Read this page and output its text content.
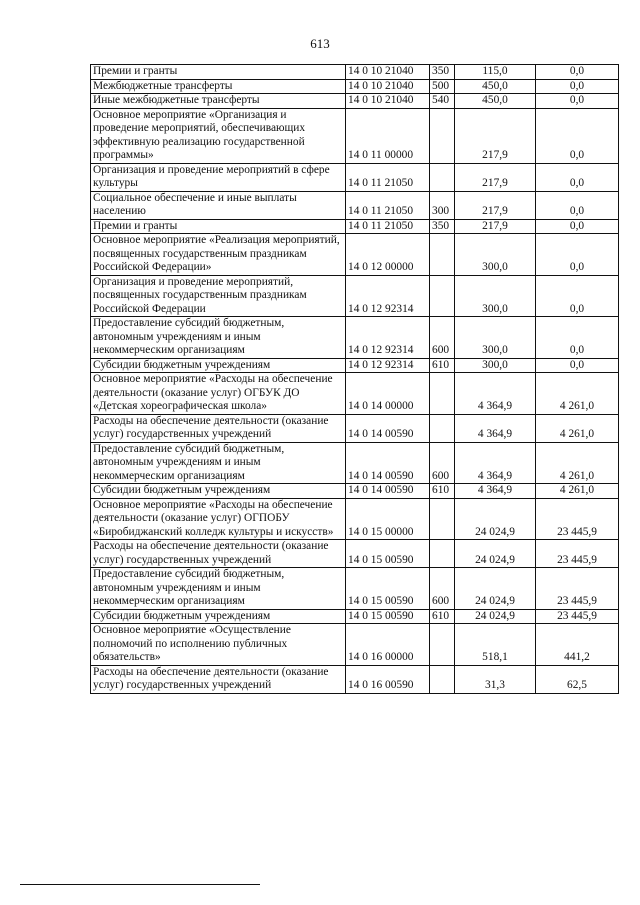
613
Премии и гранты	14 0 10 21040	350	115,0	0,0
Межбюджетные трансферты	14 0 10 21040	500	450,0	0,0
Иные межбюджетные трансферты	14 0 10 21040	540	450,0	0,0
Основное мероприятие «Организация и проведение мероприятий, обеспечивающих эффективную реализацию государственной программы»	14 0 11 00000		217,9	0,0
Организация и проведение мероприятий в сфере культуры	14 0 11 21050		217,9	0,0
Социальное обеспечение и иные выплаты населению	14 0 11 21050	300	217,9	0,0
Премии и гранты	14 0 11 21050	350	217,9	0,0
Основное мероприятие «Реализация мероприятий, посвященных государственным праздникам Российской Федерации»	14 0 12 00000		300,0	0,0
Организация и проведение мероприятий, посвященных государственным праздникам Российской Федерации	14 0 12 92314		300,0	0,0
Предоставление субсидий бюджетным, автономным учреждениям и иным некоммерческим организациям	14 0 12 92314	600	300,0	0,0
Субсидии бюджетным учреждениям	14 0 12 92314	610	300,0	0,0
Основное мероприятие «Расходы на обеспечение деятельности (оказание услуг) ОГБУК ДО «Детская хореографическая школа»	14 0 14 00000		4 364,9	4 261,0
Расходы на обеспечение деятельности (оказание услуг) государственных учреждений	14 0 14 00590		4 364,9	4 261,0
Предоставление субсидий бюджетным, автономным учреждениям и иным некоммерческим организациям	14 0 14 00590	600	4 364,9	4 261,0
Субсидии бюджетным учреждениям	14 0 14 00590	610	4 364,9	4 261,0
Основное мероприятие «Расходы на обеспечение деятельности (оказание услуг) ОГПОБУ «Биробиджанский колледж культуры и искусств»	14 0 15 00000		24 024,9	23 445,9
Расходы на обеспечение деятельности (оказание услуг) государственных учреждений	14 0 15 00590		24 024,9	23 445,9
Предоставление субсидий бюджетным, автономным учреждениям и иным некоммерческим организациям	14 0 15 00590	600	24 024,9	23 445,9
Субсидии бюджетным учреждениям	14 0 15 00590	610	24 024,9	23 445,9
Основное мероприятие «Осуществление полномочий по исполнению публичных обязательств»	14 0 16 00000		518,1	441,2
Расходы на обеспечение деятельности (оказание услуг) государственных учреждений	14 0 16 00590		31,3	62,5
